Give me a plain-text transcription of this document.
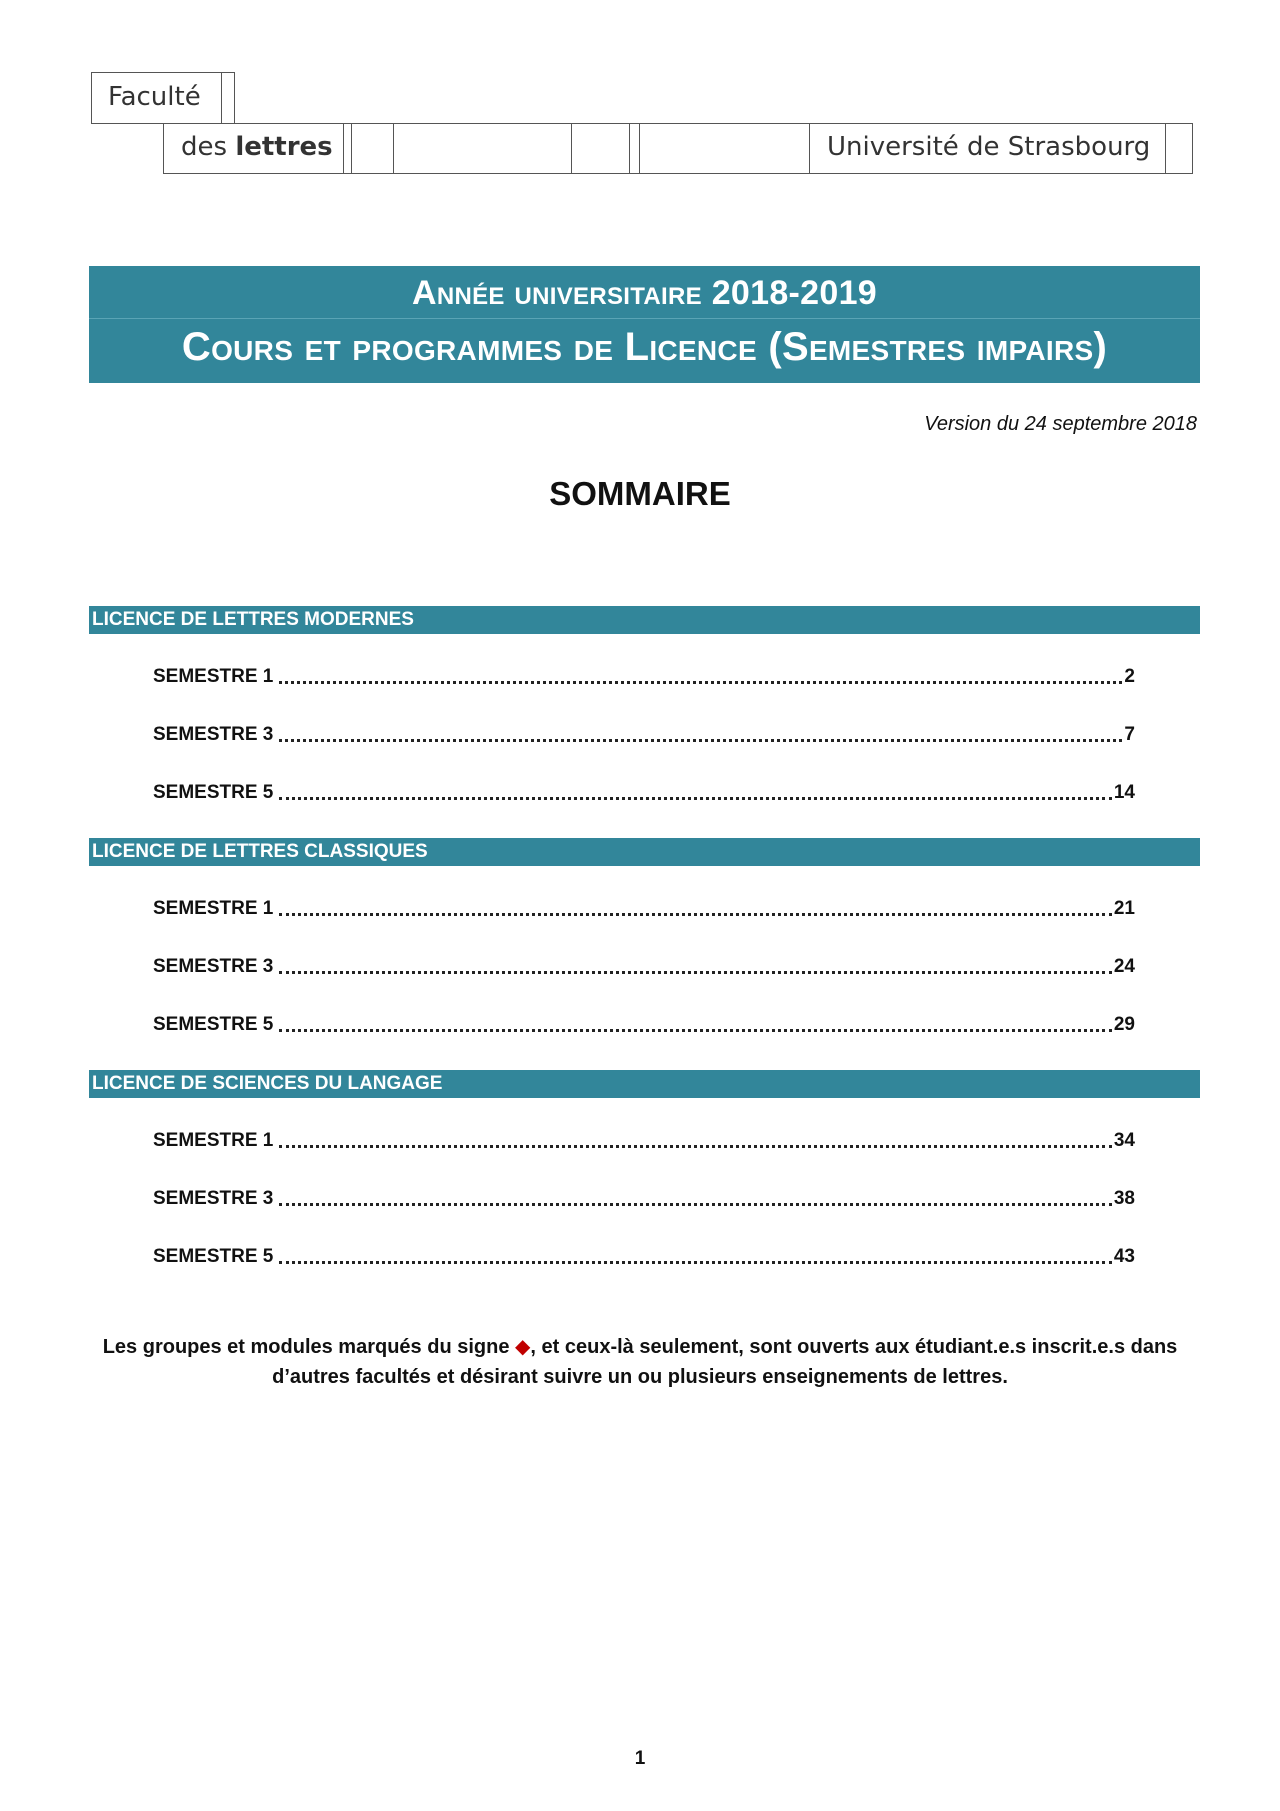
Faculté
des lettres	Université de Strasbourg
Année universitaire 2018-2019
Cours et programmes de Licence (Semestres impairs)
Version du 24 septembre 2018
SOMMAIRE
LICENCE DE LETTRES MODERNES
SEMESTRE 1	2
SEMESTRE 3	7
SEMESTRE 5	14
LICENCE DE LETTRES CLASSIQUES
SEMESTRE 1	21
SEMESTRE 3	24
SEMESTRE 5	29
LICENCE DE SCIENCES DU LANGAGE
SEMESTRE 1	34
SEMESTRE 3	38
SEMESTRE 5	43
Les groupes et modules marqués du signe ◆, et ceux-là seulement, sont ouverts aux étudiant.e.s inscrit.e.s dans d’autres facultés et désirant suivre un ou plusieurs enseignements de lettres.
1
